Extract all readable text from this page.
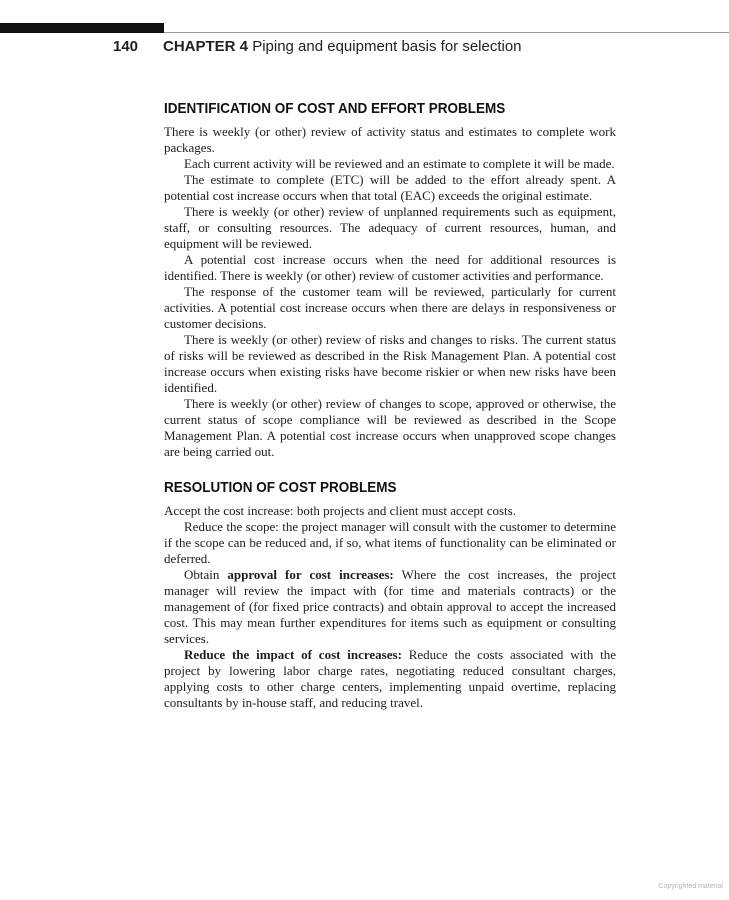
140 CHAPTER 4 Piping and equipment basis for selection
IDENTIFICATION OF COST AND EFFORT PROBLEMS

There is weekly (or other) review of activity status and estimates to complete work packages.

Each current activity will be reviewed and an estimate to complete it will be made.

The estimate to complete (ETC) will be added to the effort already spent. A potential cost increase occurs when that total (EAC) exceeds the original estimate.

There is weekly (or other) review of unplanned requirements such as equipment, staff, or consulting resources. The adequacy of current resources, human, and equipment will be reviewed.

A potential cost increase occurs when the need for additional resources is identified. There is weekly (or other) review of customer activities and performance.

The response of the customer team will be reviewed, particularly for current activities. A potential cost increase occurs when there are delays in responsiveness or customer decisions.

There is weekly (or other) review of risks and changes to risks. The current status of risks will be reviewed as described in the Risk Management Plan. A potential cost increase occurs when existing risks have become riskier or when new risks have been identified.

There is weekly (or other) review of changes to scope, approved or otherwise, the current status of scope compliance will be reviewed as described in the Scope Management Plan. A potential cost increase occurs when unapproved scope changes are being carried out.

RESOLUTION OF COST PROBLEMS

Accept the cost increase: both projects and client must accept costs.

Reduce the scope: the project manager will consult with the customer to determine if the scope can be reduced and, if so, what items of functionality can be eliminated or deferred.

Obtain approval for cost increases: Where the cost increases, the project manager will review the impact with (for time and materials contracts) or the management of (for fixed price contracts) and obtain approval to accept the increased cost. This may mean further expenditures for items such as equipment or consulting services.

Reduce the impact of cost increases: Reduce the costs associated with the project by lowering labor charge rates, negotiating reduced consultant charges, applying costs to other charge centers, implementing unpaid overtime, replacing consultants by in-house staff, and reducing travel.

Copyrighted material
